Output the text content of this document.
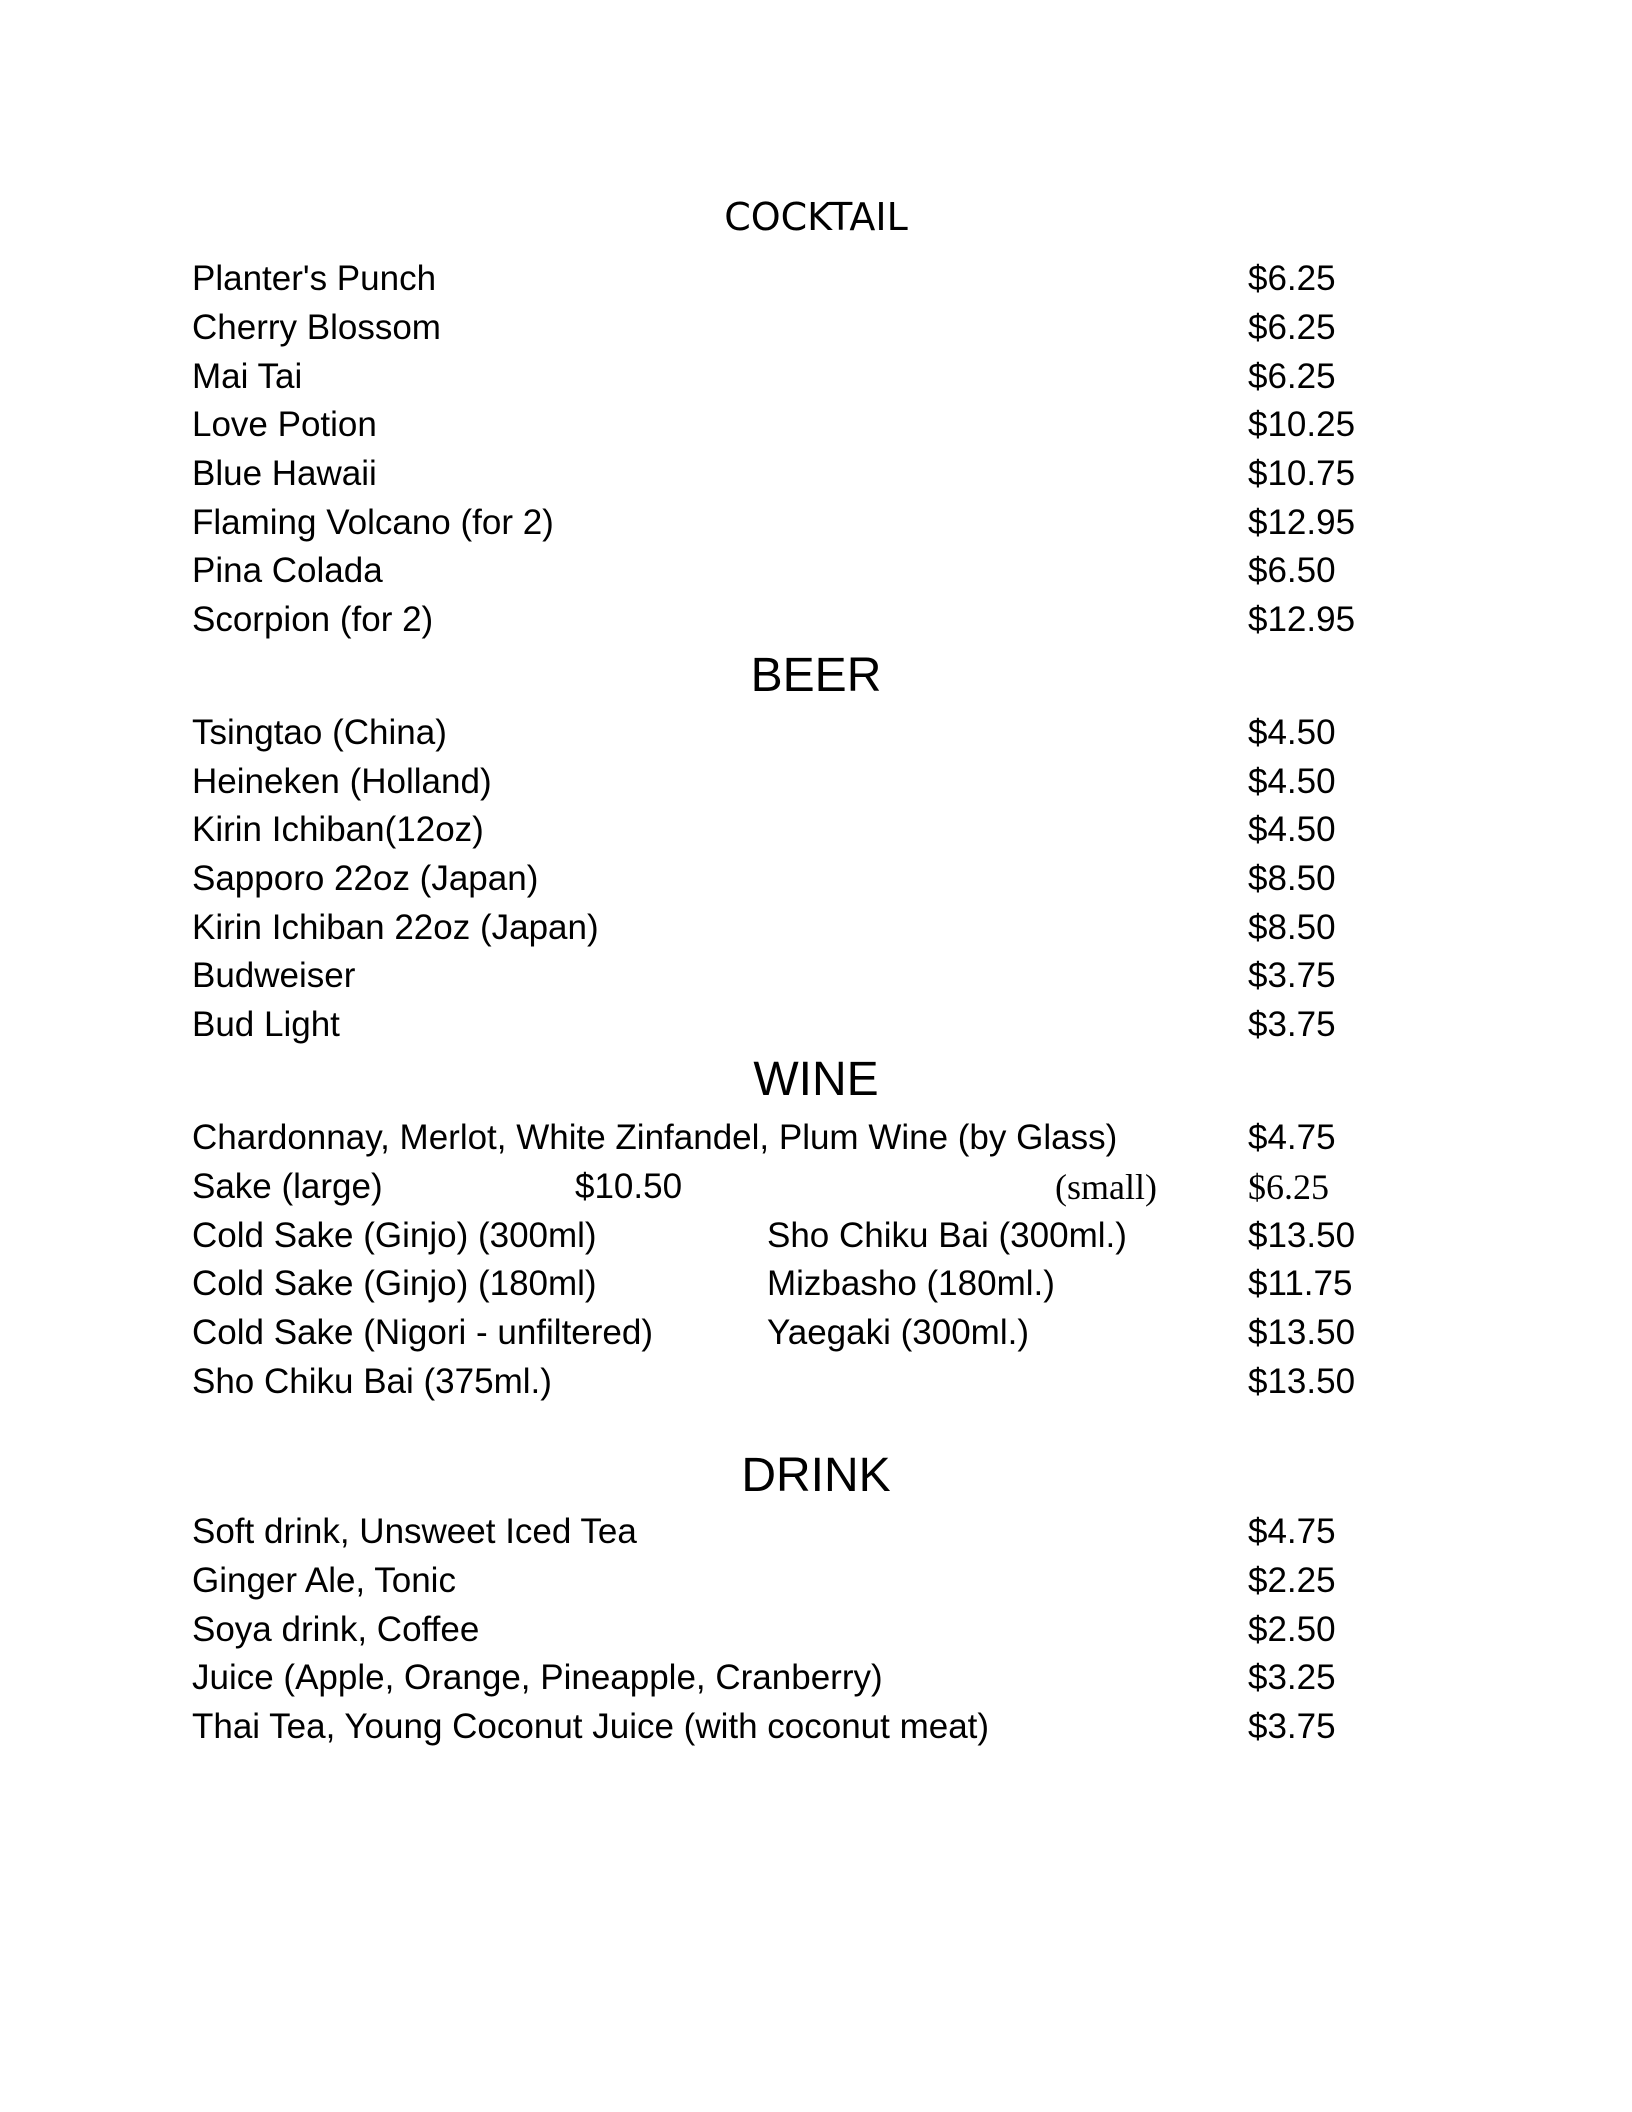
COCKTAIL
Planter's Punch	$6.25
Cherry Blossom	$6.25
Mai Tai	$6.25
Love Potion	$10.25
Blue Hawaii	$10.75
Flaming Volcano (for 2)	$12.95
Pina Colada	$6.50
Scorpion (for 2)	$12.95
BEER
Tsingtao (China)	$4.50
Heineken (Holland)	$4.50
Kirin Ichiban(12oz)	$4.50
Sapporo 22oz (Japan)	$8.50
Kirin Ichiban 22oz (Japan)	$8.50
Budweiser	$3.75
Bud Light	$3.75
WINE
Chardonnay, Merlot, White Zinfandel, Plum Wine (by Glass)	$4.75
Sake (large)	$10.50	(small)	$6.25
Cold Sake (Ginjo) (300ml)	Sho Chiku Bai (300ml.)	$13.50
Cold Sake (Ginjo) (180ml)	Mizbasho (180ml.)	$11.75
Cold Sake (Nigori - unfiltered)	Yaegaki (300ml.)	$13.50
Sho Chiku Bai (375ml.)	$13.50
DRINK
Soft drink, Unsweet Iced Tea	$4.75
Ginger Ale, Tonic	$2.25
Soya drink, Coffee	$2.50
Juice (Apple, Orange, Pineapple, Cranberry)	$3.25
Thai Tea, Young Coconut Juice (with coconut meat)	$3.75
